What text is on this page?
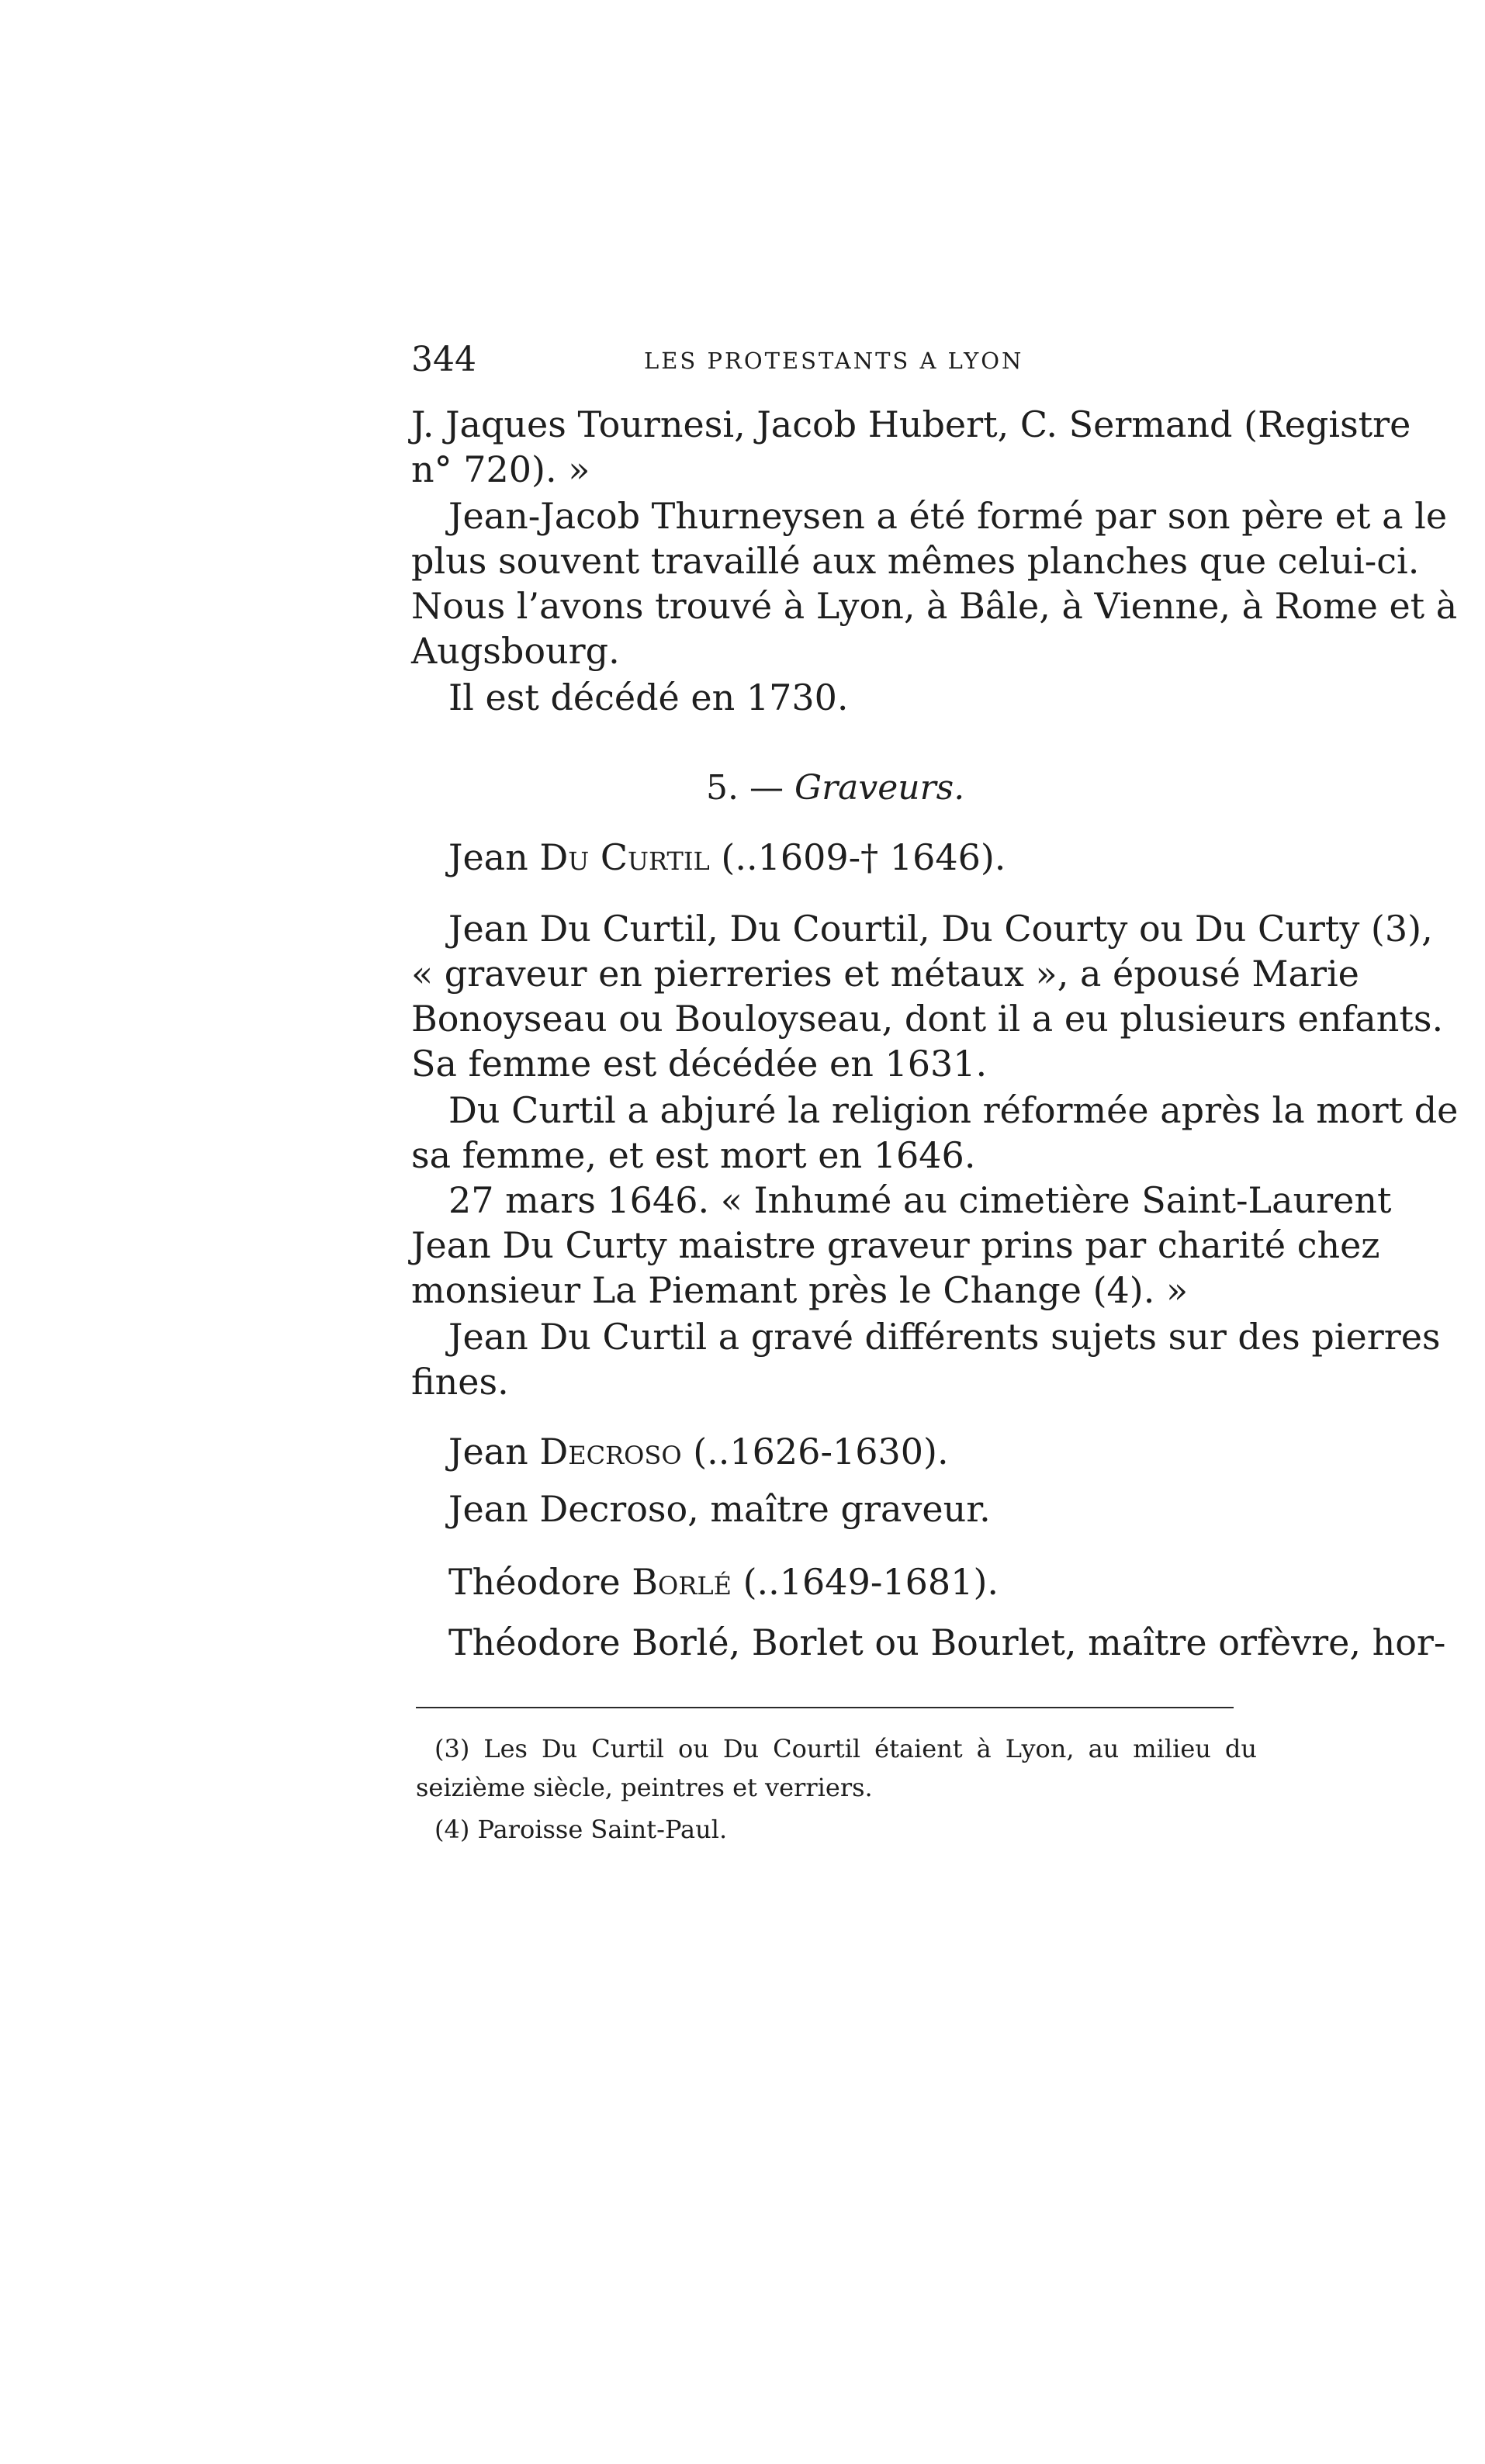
344	LES PROTESTANTS A LYON
J. Jaques Tournesi, Jacob Hubert, C. Sermand (Registre
n° 720). »
Jean-Jacob Thurneysen a été formé par son père et a le
plus souvent travaillé aux mêmes planches que celui-ci.
Nous l’avons trouvé à Lyon, à Bâle, à Vienne, à Rome et à
Augsbourg.
Il est décédé en 1730.
5. — Graveurs.
Jean Du Curtil (..1609-† 1646).
Jean Du Curtil, Du Courtil, Du Courty ou Du Curty (3),
« graveur en pierreries et métaux », a épousé Marie
Bonoyseau ou Bouloyseau, dont il a eu plusieurs enfants.
Sa femme est décédée en 1631.
Du Curtil a abjuré la religion réformée après la mort de
sa femme, et est mort en 1646.
27 mars 1646. « Inhumé au cimetière Saint-Laurent
Jean Du Curty maistre graveur prins par charité chez
monsieur La Piemant près le Change (4). »
Jean Du Curtil a gravé différents sujets sur des pierres
fines.
Jean Decroso (..1626-1630).
Jean Decroso, maître graveur.
Théodore Borlé (..1649-1681).
Théodore Borlé, Borlet ou Bourlet, maître orfèvre, hor-
(3) Les Du Curtil ou Du Courtil étaient à Lyon, au milieu du
seizième siècle, peintres et verriers.
(4) Paroisse Saint-Paul.
